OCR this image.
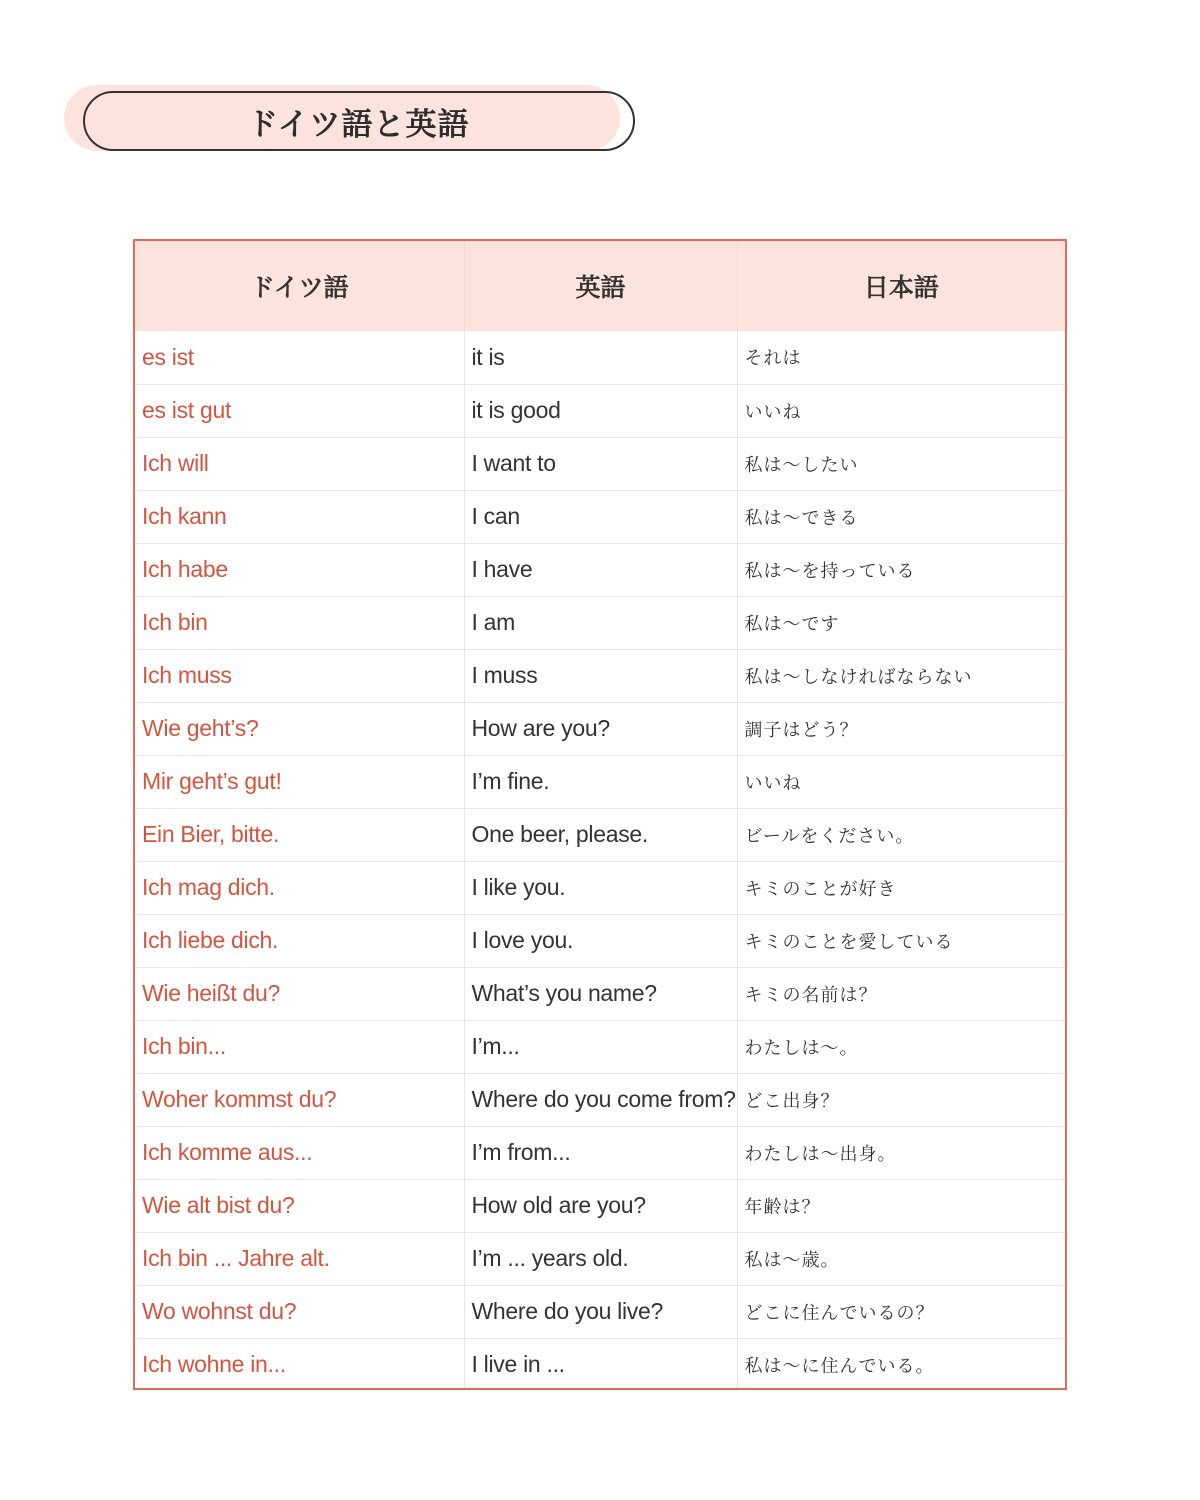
ドイツ語と英語
ドイツ語	英語	日本語
es ist	it is	それは
es ist gut	it is good	いいね
Ich will	I want to	私は〜したい
Ich kann	I can	私は〜できる
Ich habe	I have	私は〜を持っている
Ich bin	I am	私は〜です
Ich muss	I muss	私は〜しなければならない
Wie geht’s?	How are you?	調子はどう？
Mir geht’s gut!	I’m fine.	いいね
Ein Bier, bitte.	One beer, please.	ビールをください。
Ich mag dich.	I like you.	キミのことが好き
Ich liebe dich.	I love you.	キミのことを愛している
Wie heißt du?	What’s you name?	キミの名前は？
Ich bin...	I’m...	わたしは〜。
Woher kommst du?	Where do you come from?	どこ出身？
Ich komme aus...	I’m from...	わたしは〜出身。
Wie alt bist du?	How old are you?	年齢は？
Ich bin ... Jahre alt.	I’m ... years old.	私は〜歳。
Wo wohnst du?	Where do you live?	どこに住んでいるの？
Ich wohne in...	I live in ...	私は〜に住んでいる。
